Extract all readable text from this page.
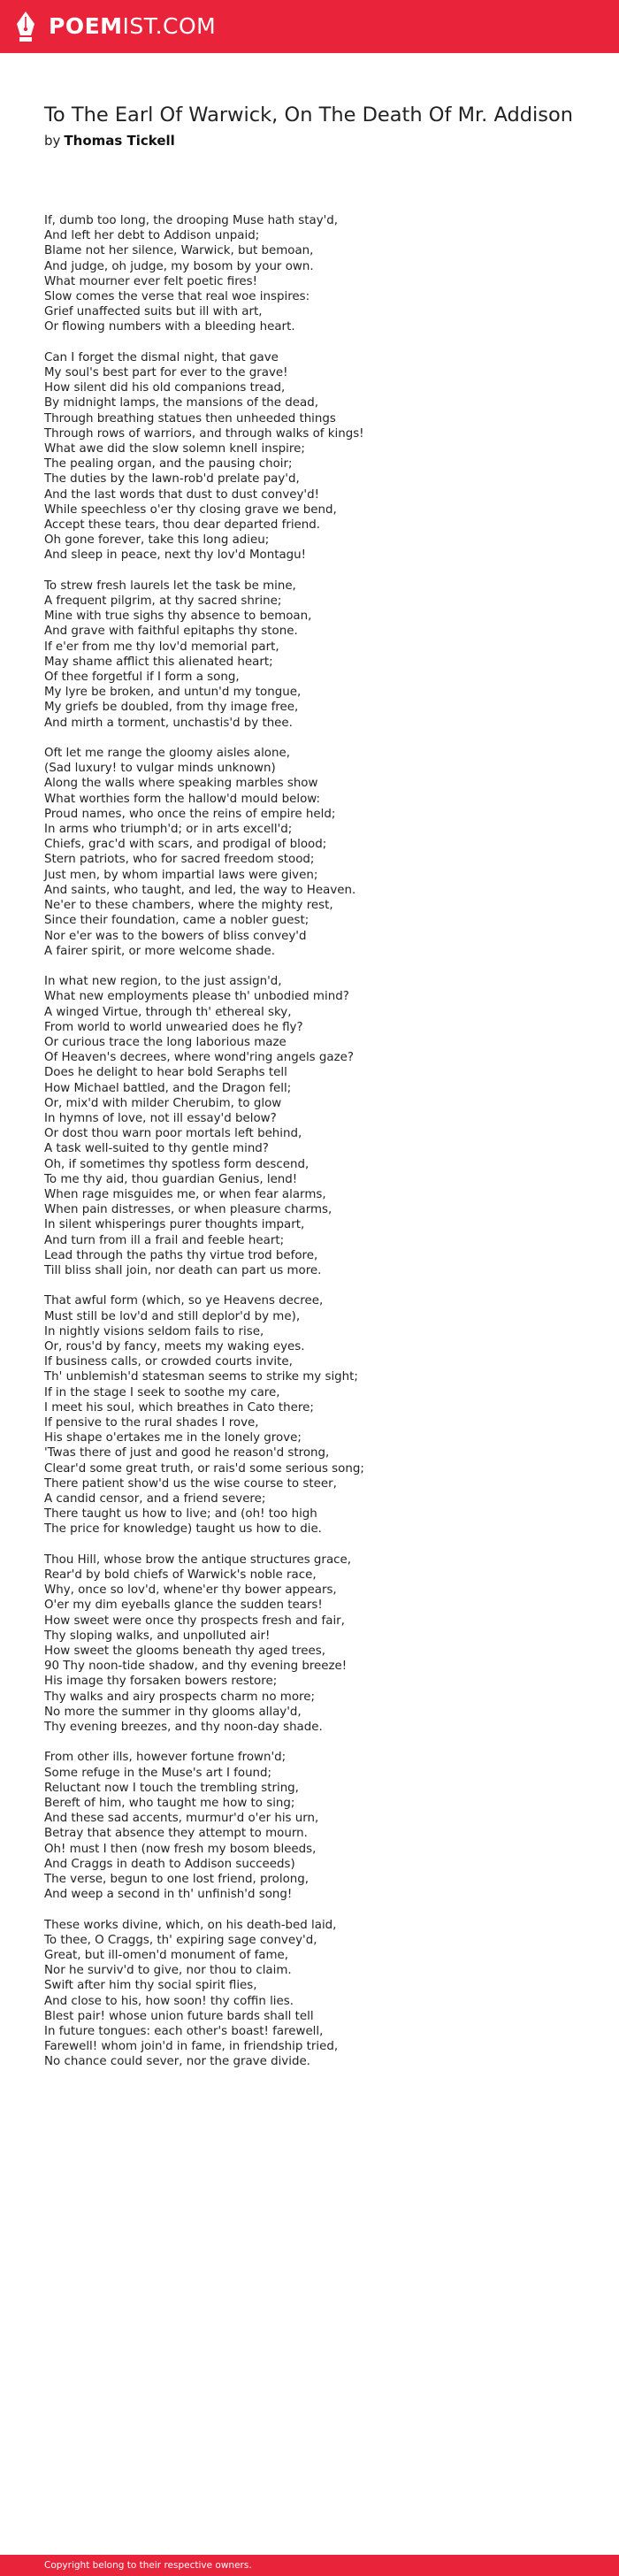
POEMIST.COM
To The Earl Of Warwick, On The Death Of Mr. Addison
by Thomas Tickell

If, dumb too long, the drooping Muse hath stay'd,
And left her debt to Addison unpaid;
Blame not her silence, Warwick, but bemoan,
And judge, oh judge, my bosom by your own.
What mourner ever felt poetic fires!
Slow comes the verse that real woe inspires:
Grief unaffected suits but ill with art,
Or flowing numbers with a bleeding heart.

Can I forget the dismal night, that gave
My soul's best part for ever to the grave!
How silent did his old companions tread,
By midnight lamps, the mansions of the dead,
Through breathing statues then unheeded things
Through rows of warriors, and through walks of kings!
What awe did the slow solemn knell inspire;
The pealing organ, and the pausing choir;
The duties by the lawn-rob'd prelate pay'd,
And the last words that dust to dust convey'd!
While speechless o'er thy closing grave we bend,
Accept these tears, thou dear departed friend.
Oh gone forever, take this long adieu;
And sleep in peace, next thy lov'd Montagu!

To strew fresh laurels let the task be mine,
A frequent pilgrim, at thy sacred shrine;
Mine with true sighs thy absence to bemoan,
And grave with faithful epitaphs thy stone.
If e'er from me thy lov'd memorial part,
May shame afflict this alienated heart;
Of thee forgetful if I form a song,
My lyre be broken, and untun'd my tongue,
My griefs be doubled, from thy image free,
And mirth a torment, unchastis'd by thee.

Oft let me range the gloomy aisles alone,
(Sad luxury! to vulgar minds unknown)
Along the walls where speaking marbles show
What worthies form the hallow'd mould below:
Proud names, who once the reins of empire held;
In arms who triumph'd; or in arts excell'd;
Chiefs, grac'd with scars, and prodigal of blood;
Stern patriots, who for sacred freedom stood;
Just men, by whom impartial laws were given;
And saints, who taught, and led, the way to Heaven.
Ne'er to these chambers, where the mighty rest,
Since their foundation, came a nobler guest;
Nor e'er was to the bowers of bliss convey'd
A fairer spirit, or more welcome shade.

In what new region, to the just assign'd,
What new employments please th' unbodied mind?
A winged Virtue, through th' ethereal sky,
From world to world unwearied does he fly?
Or curious trace the long laborious maze
Of Heaven's decrees, where wond'ring angels gaze?
Does he delight to hear bold Seraphs tell
How Michael battled, and the Dragon fell;
Or, mix'd with milder Cherubim, to glow
In hymns of love, not ill essay'd below?
Or dost thou warn poor mortals left behind,
A task well-suited to thy gentle mind?
Oh, if sometimes thy spotless form descend,
To me thy aid, thou guardian Genius, lend!
When rage misguides me, or when fear alarms,
When pain distresses, or when pleasure charms,
In silent whisperings purer thoughts impart,
And turn from ill a frail and feeble heart;
Lead through the paths thy virtue trod before,
Till bliss shall join, nor death can part us more.

That awful form (which, so ye Heavens decree,
Must still be lov'd and still deplor'd by me),
In nightly visions seldom fails to rise,
Or, rous'd by fancy, meets my waking eyes.
If business calls, or crowded courts invite,
Th' unblemish'd statesman seems to strike my sight;
If in the stage I seek to soothe my care,
I meet his soul, which breathes in Cato there;
If pensive to the rural shades I rove,
His shape o'ertakes me in the lonely grove;
'Twas there of just and good he reason'd strong,
Clear'd some great truth, or rais'd some serious song;
There patient show'd us the wise course to steer,
A candid censor, and a friend severe;
There taught us how to live; and (oh! too high
The price for knowledge) taught us how to die.

Thou Hill, whose brow the antique structures grace,
Rear'd by bold chiefs of Warwick's noble race,
Why, once so lov'd, whene'er thy bower appears,
O'er my dim eyeballs glance the sudden tears!
How sweet were once thy prospects fresh and fair,
Thy sloping walks, and unpolluted air!
How sweet the glooms beneath thy aged trees,
90 Thy noon-tide shadow, and thy evening breeze!
His image thy forsaken bowers restore;
Thy walks and airy prospects charm no more;
No more the summer in thy glooms allay'd,
Thy evening breezes, and thy noon-day shade.

From other ills, however fortune frown'd;
Some refuge in the Muse's art I found;
Reluctant now I touch the trembling string,
Bereft of him, who taught me how to sing;
And these sad accents, murmur'd o'er his urn,
Betray that absence they attempt to mourn.
Oh! must I then (now fresh my bosom bleeds,
And Craggs in death to Addison succeeds)
The verse, begun to one lost friend, prolong,
And weep a second in th' unfinish'd song!

These works divine, which, on his death-bed laid,
To thee, O Craggs, th' expiring sage convey'd,
Great, but ill-omen'd monument of fame,
Nor he surviv'd to give, nor thou to claim.
Swift after him thy social spirit flies,
And close to his, how soon! thy coffin lies.
Blest pair! whose union future bards shall tell
In future tongues: each other's boast! farewell,
Farewell! whom join'd in fame, in friendship tried,
No chance could sever, nor the grave divide.

Copyright belong to their respective owners.
